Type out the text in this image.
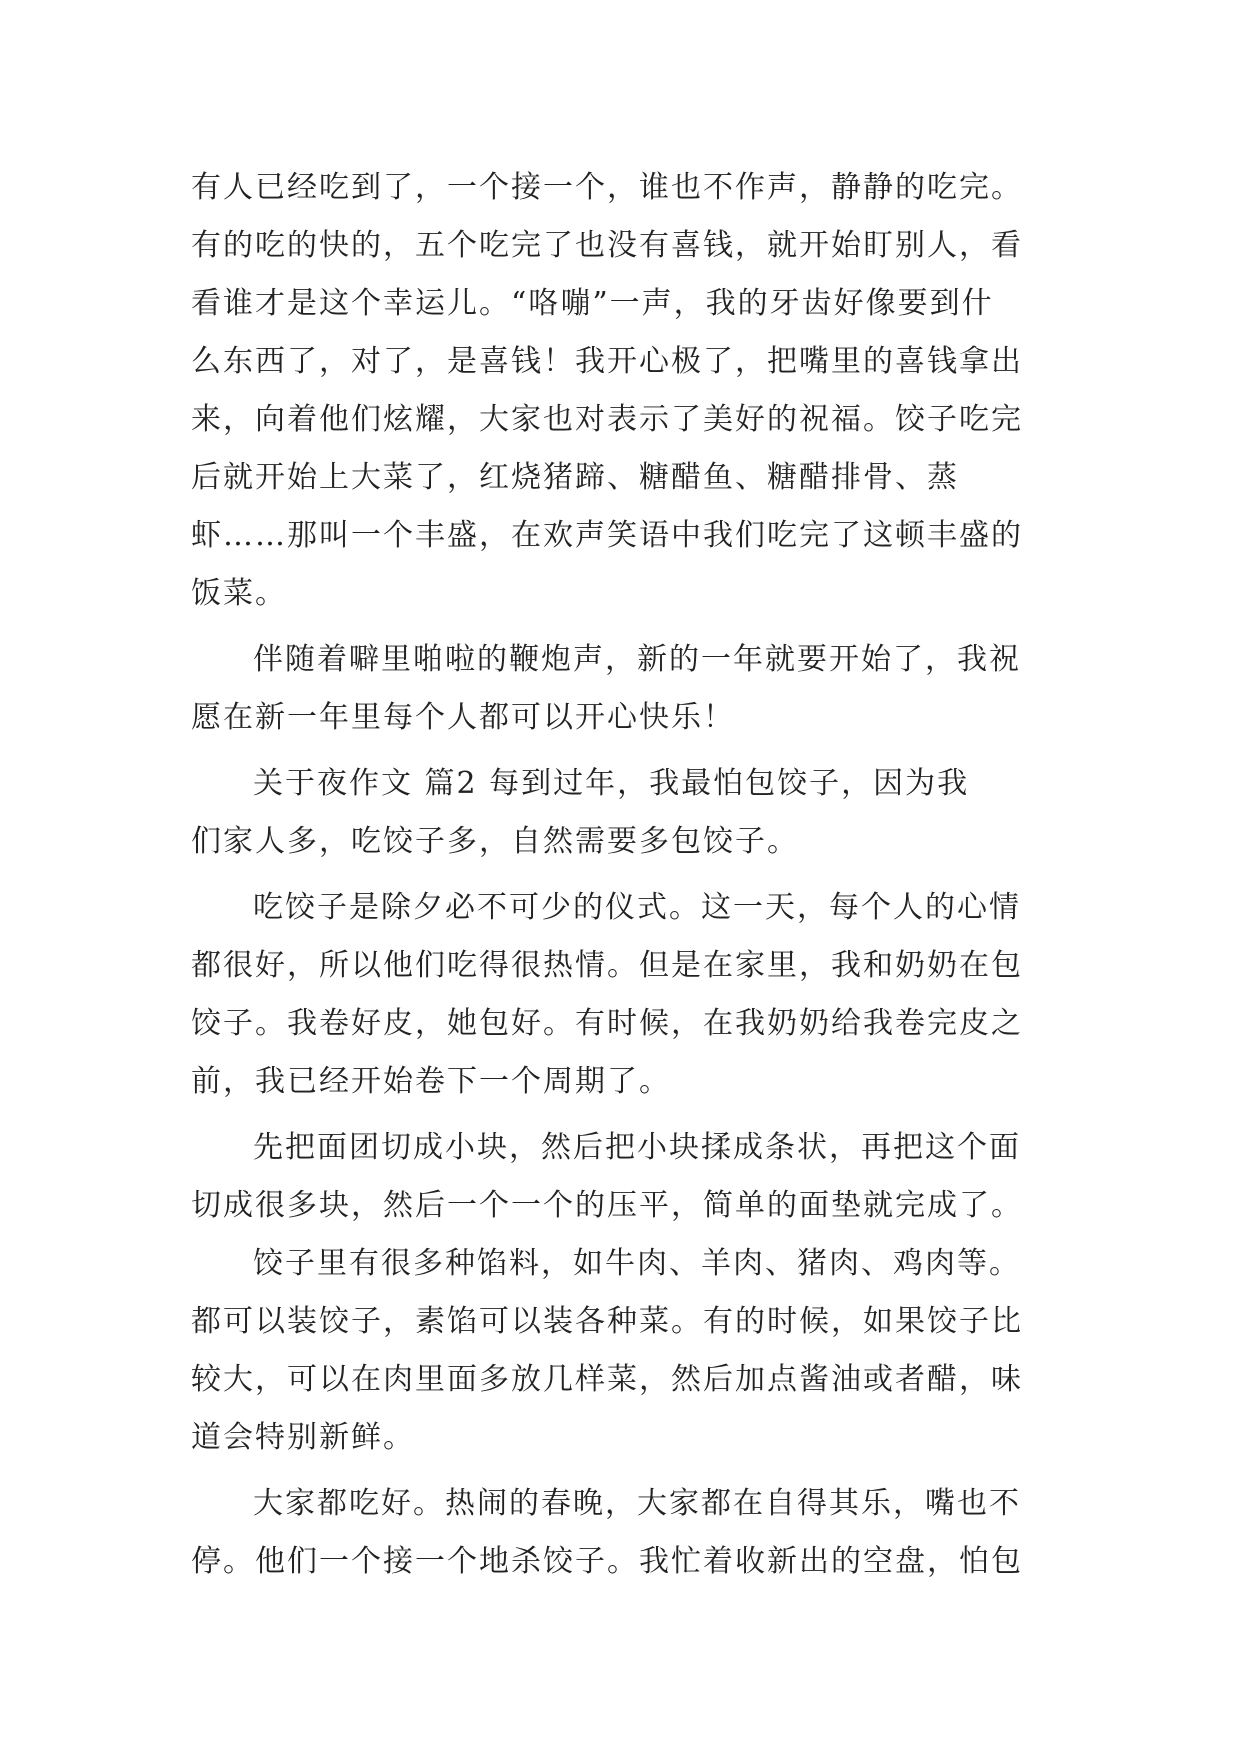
有人已经吃到了，一个接一个，谁也不作声，静静的吃完。
有的吃的快的，五个吃完了也没有喜钱，就开始盯别人，看
看谁才是这个幸运儿。“咯嘣”一声，我的牙齿好像要到什
么东西了，对了，是喜钱！我开心极了，把嘴里的喜钱拿出
来，向着他们炫耀，大家也对表示了美好的祝福。饺子吃完
后就开始上大菜了，红烧猪蹄、糖醋鱼、糖醋排骨、蒸
虾……那叫一个丰盛，在欢声笑语中我们吃完了这顿丰盛的
饭菜。
伴随着噼里啪啦的鞭炮声，新的一年就要开始了，我祝
愿在新一年里每个人都可以开心快乐！
关于夜作文 篇2 每到过年，我最怕包饺子，因为我
们家人多，吃饺子多，自然需要多包饺子。
吃饺子是除夕必不可少的仪式。这一天，每个人的心情
都很好，所以他们吃得很热情。但是在家里，我和奶奶在包
饺子。我卷好皮，她包好。有时候，在我奶奶给我卷完皮之
前，我已经开始卷下一个周期了。
先把面团切成小块，然后把小块揉成条状，再把这个面
切成很多块，然后一个一个的压平，简单的面垫就完成了。
饺子里有很多种馅料，如牛肉、羊肉、猪肉、鸡肉等。
都可以装饺子，素馅可以装各种菜。有的时候，如果饺子比
较大，可以在肉里面多放几样菜，然后加点酱油或者醋，味
道会特别新鲜。
大家都吃好。热闹的春晚，大家都在自得其乐，嘴也不
停。他们一个接一个地杀饺子。我忙着收新出的空盘，怕包
